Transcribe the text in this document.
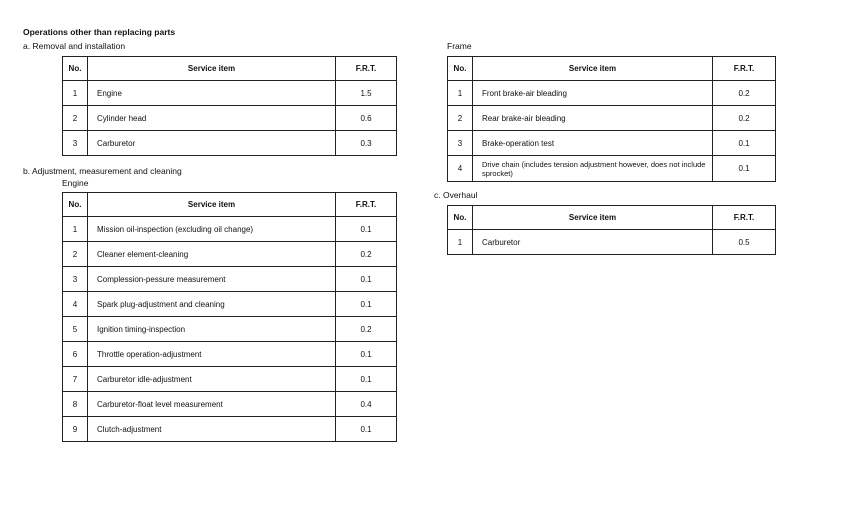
Operations other than replacing parts
a. Removal and installation
No.	Service item	F.R.T.
1	Engine	1.5
2	Cylinder head	0.6
3	Carburetor	0.3
b. Adjustment, measurement and cleaning
Engine
No.	Service item	F.R.T.
1	Mission oil-inspection (excluding oil change)	0.1
2	Cleaner element-cleaning	0.2
3	Complession-pessure measurement	0.1
4	Spark plug-adjustment and cleaning	0.1
5	Ignition timing-inspection	0.2
6	Throttle operation-adjustment	0.1
7	Carburetor idle-adjustment	0.1
8	Carburetor-float level measurement	0.4
9	Clutch-adjustment	0.1
Frame
No.	Service item	F.R.T.
1	Front brake-air bleading	0.2
2	Rear brake-air bleading	0.2
3	Brake-operation test	0.1
4	Drive chain (includes tension adjustment however, does not include sprocket)	0.1
c. Overhaul
No.	Service item	F.R.T.
1	Carburetor	0.5
